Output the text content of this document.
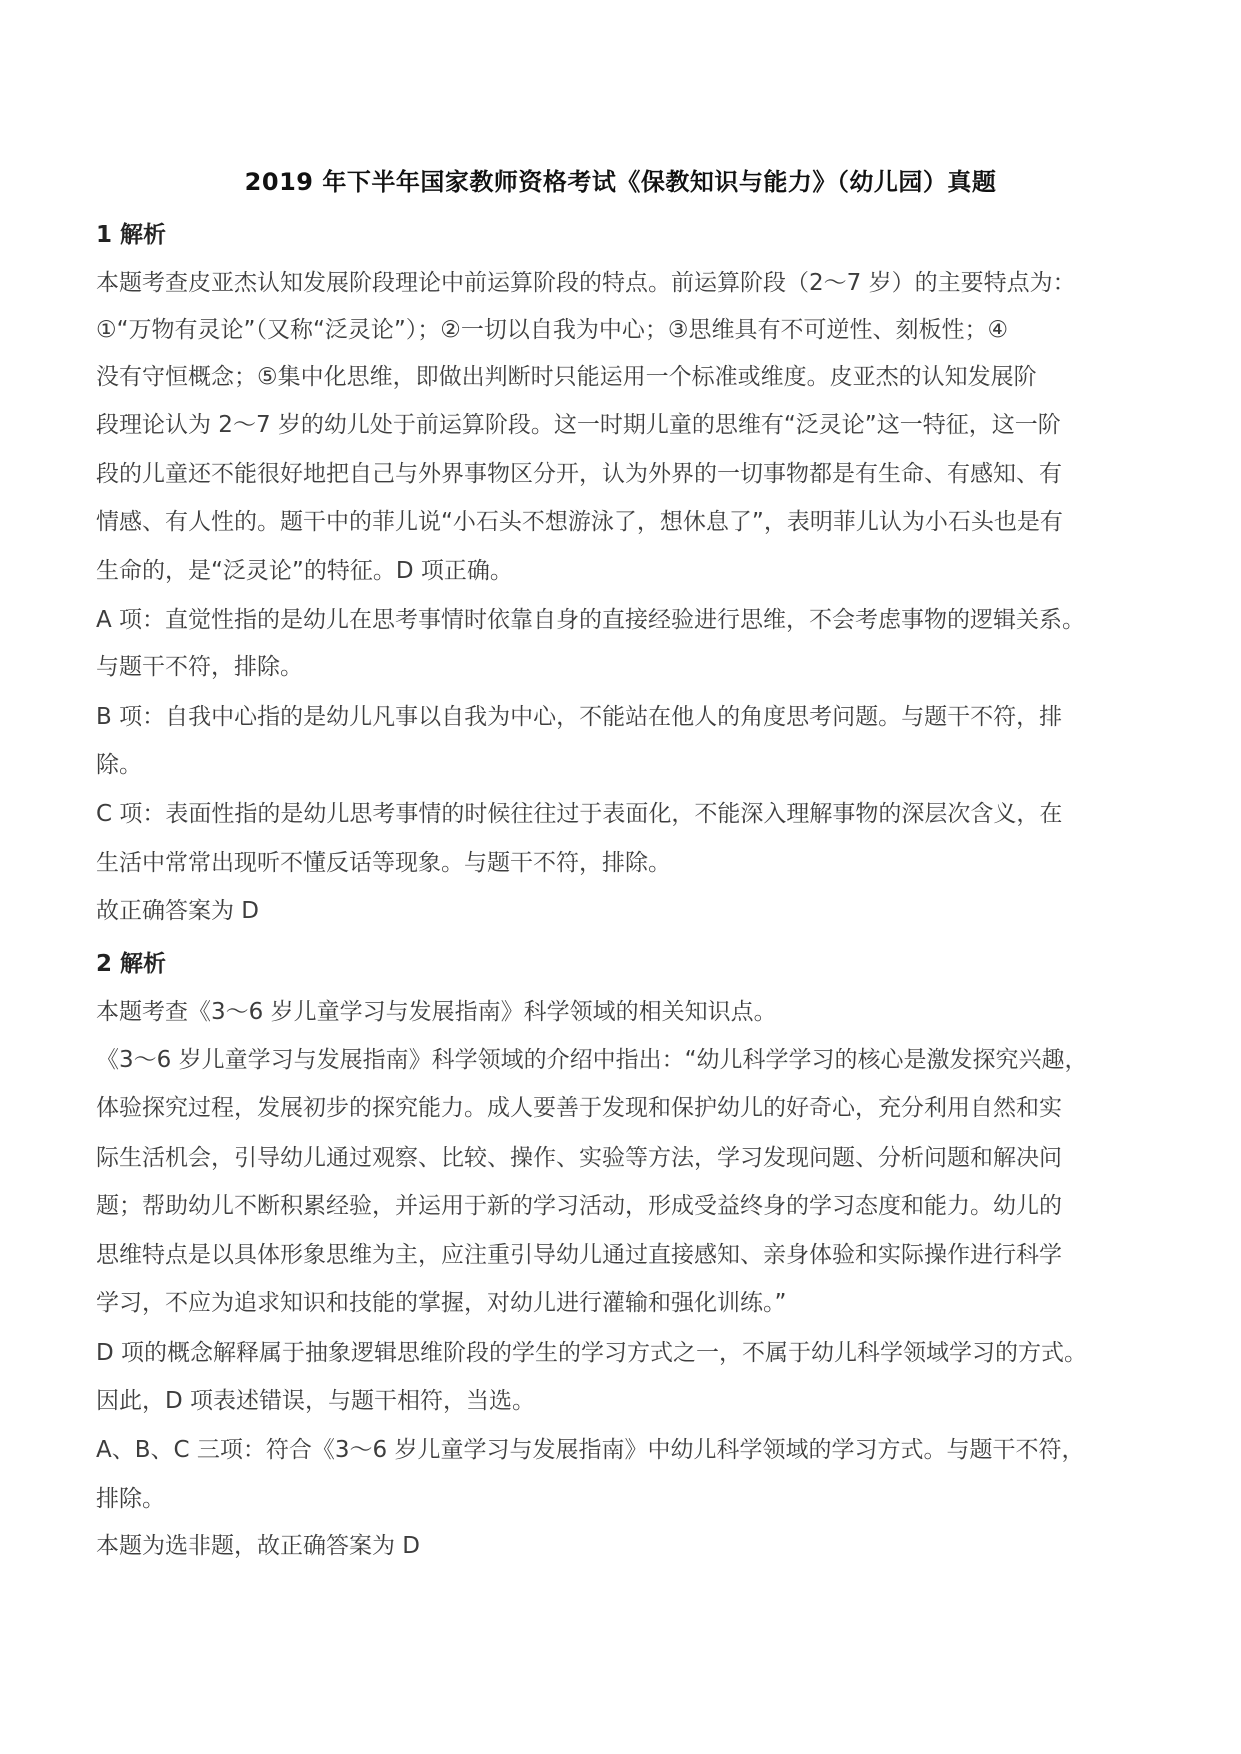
2019 年下半年国家教师资格考试《保教知识与能力》（幼儿园）真题
1 解析
本题考查皮亚杰认知发展阶段理论中前运算阶段的特点。前运算阶段（2～7 岁）的主要特点为：
①“万物有灵论”（又称“泛灵论”）；②一切以自我为中心；③思维具有不可逆性、刻板性；④
没有守恒概念；⑤集中化思维，即做出判断时只能运用一个标准或维度。皮亚杰的认知发展阶
段理论认为 2～7 岁的幼儿处于前运算阶段。这一时期儿童的思维有“泛灵论”这一特征，这一阶
段的儿童还不能很好地把自己与外界事物区分开，认为外界的一切事物都是有生命、有感知、有
情感、有人性的。题干中的菲儿说“小石头不想游泳了，想休息了”，表明菲儿认为小石头也是有
生命的，是“泛灵论”的特征。D 项正确。
A 项：直觉性指的是幼儿在思考事情时依靠自身的直接经验进行思维，不会考虑事物的逻辑关系。
与题干不符，排除。
B 项：自我中心指的是幼儿凡事以自我为中心，不能站在他人的角度思考问题。与题干不符，排
除。
C 项：表面性指的是幼儿思考事情的时候往往过于表面化，不能深入理解事物的深层次含义，在
生活中常常出现听不懂反话等现象。与题干不符，排除。
故正确答案为 D
2 解析
本题考查《3～6 岁儿童学习与发展指南》科学领域的相关知识点。
《3～6 岁儿童学习与发展指南》科学领域的介绍中指出：“幼儿科学学习的核心是激发探究兴趣，
体验探究过程，发展初步的探究能力。成人要善于发现和保护幼儿的好奇心，充分利用自然和实
际生活机会，引导幼儿通过观察、比较、操作、实验等方法，学习发现问题、分析问题和解决问
题；帮助幼儿不断积累经验，并运用于新的学习活动，形成受益终身的学习态度和能力。幼儿的
思维特点是以具体形象思维为主，应注重引导幼儿通过直接感知、亲身体验和实际操作进行科学
学习，不应为追求知识和技能的掌握，对幼儿进行灌输和强化训练。”
D 项的概念解释属于抽象逻辑思维阶段的学生的学习方式之一，不属于幼儿科学领域学习的方式。
因此，D 项表述错误，与题干相符，当选。
A、B、C 三项：符合《3～6 岁儿童学习与发展指南》中幼儿科学领域的学习方式。与题干不符，
排除。
本题为选非题，故正确答案为 D
